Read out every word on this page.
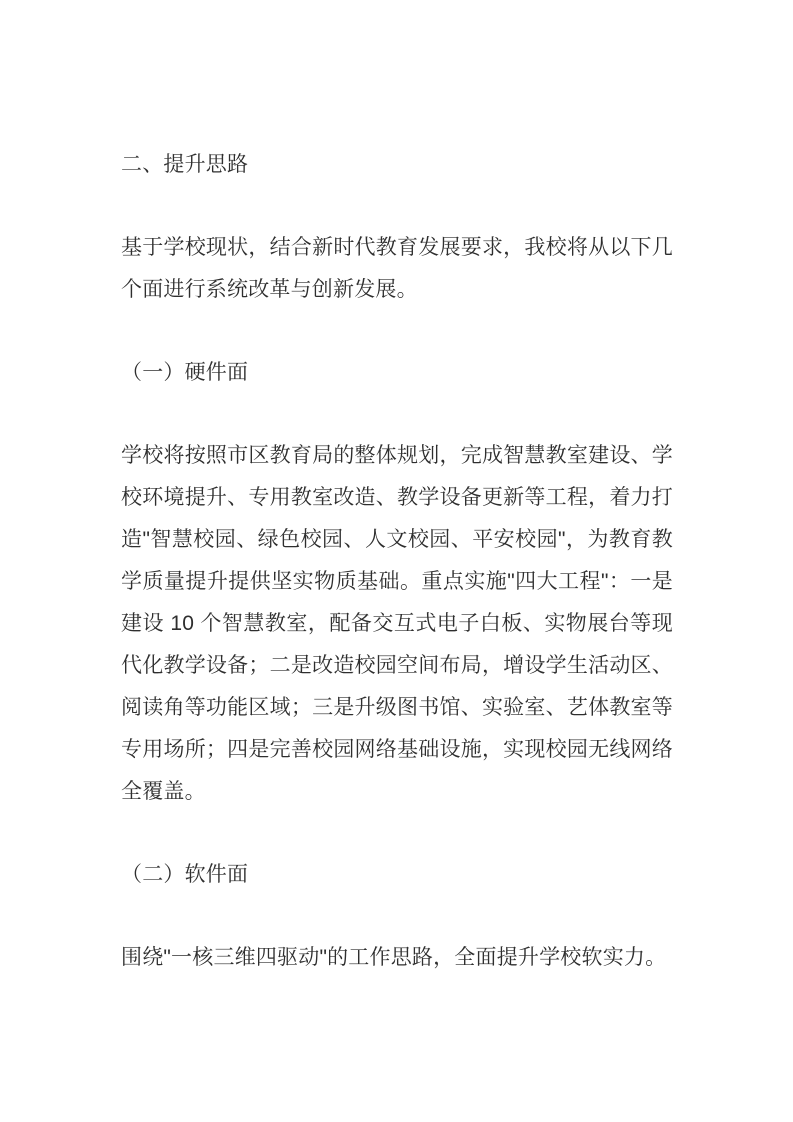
二、提升思路
基于学校现状，结合新时代教育发展要求，我校将从以下几个面进行系统改革与创新发展。
（一）硬件面
学校将按照市区教育局的整体规划，完成智慧教室建设、学校环境提升、专用教室改造、教学设备更新等工程，着力打造"智慧校园、绿色校园、人文校园、平安校园"，为教育教学质量提升提供坚实物质基础。重点实施"四大工程"：一是建设 10 个智慧教室，配备交互式电子白板、实物展台等现代化教学设备；二是改造校园空间布局，增设学生活动区、阅读角等功能区域；三是升级图书馆、实验室、艺体教室等专用场所；四是完善校园网络基础设施，实现校园无线网络全覆盖。
（二）软件面
围绕"一核三维四驱动"的工作思路，全面提升学校软实力。
